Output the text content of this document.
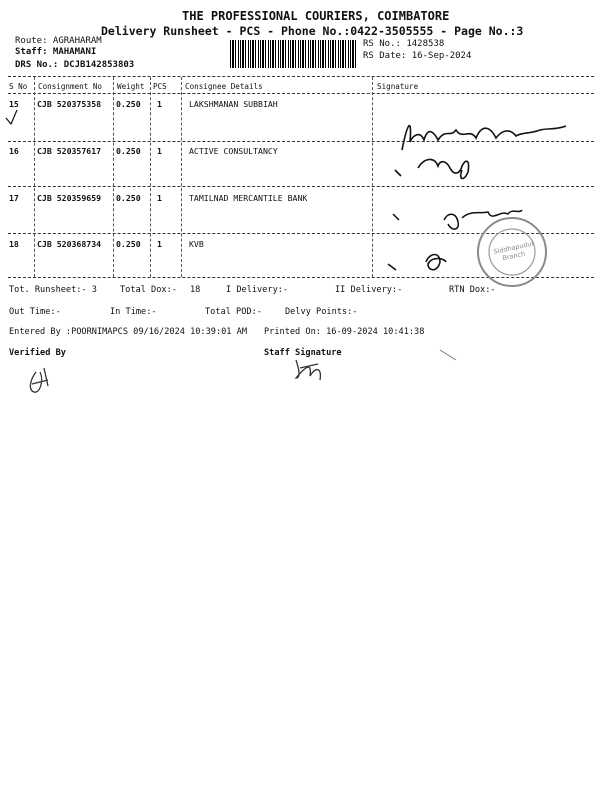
THE PROFESSIONAL COURIERS, COIMBATORE
Delivery Runsheet - PCS - Phone No.:0422-3505555 - Page No.:3
Route: AGRAHARAM
Staff: MAHAMANI
DRS No.: DCJB142853803
RS No.: 1428538
RS Date: 16-Sep-2024
S No Consignment No Weight PCS Consignee Details	Signature
15 CJB 520375358 0.250 1	LAKSHMANAN SUBBIAH
16 CJB 520357617 0.250 1	ACTIVE CONSULTANCY
17 CJB 520359659 0.250 1	TAMILNAD MERCANTILE BANK
18 CJB 520368734 0.250 1	KVB	Siddhapudur Branch
Tot. Runsheet:- 3	Total Dox:- 18	I Delivery:-	II Delivery:-	RTN Dox:-
Out Time:-	In Time:-	Total POD:-	Delvy Points:-
Entered By :POORNIMAPCS 09/16/2024 10:39:01 AM Printed On: 16-09-2024 10:41:38
Verified By	Staff Signature
